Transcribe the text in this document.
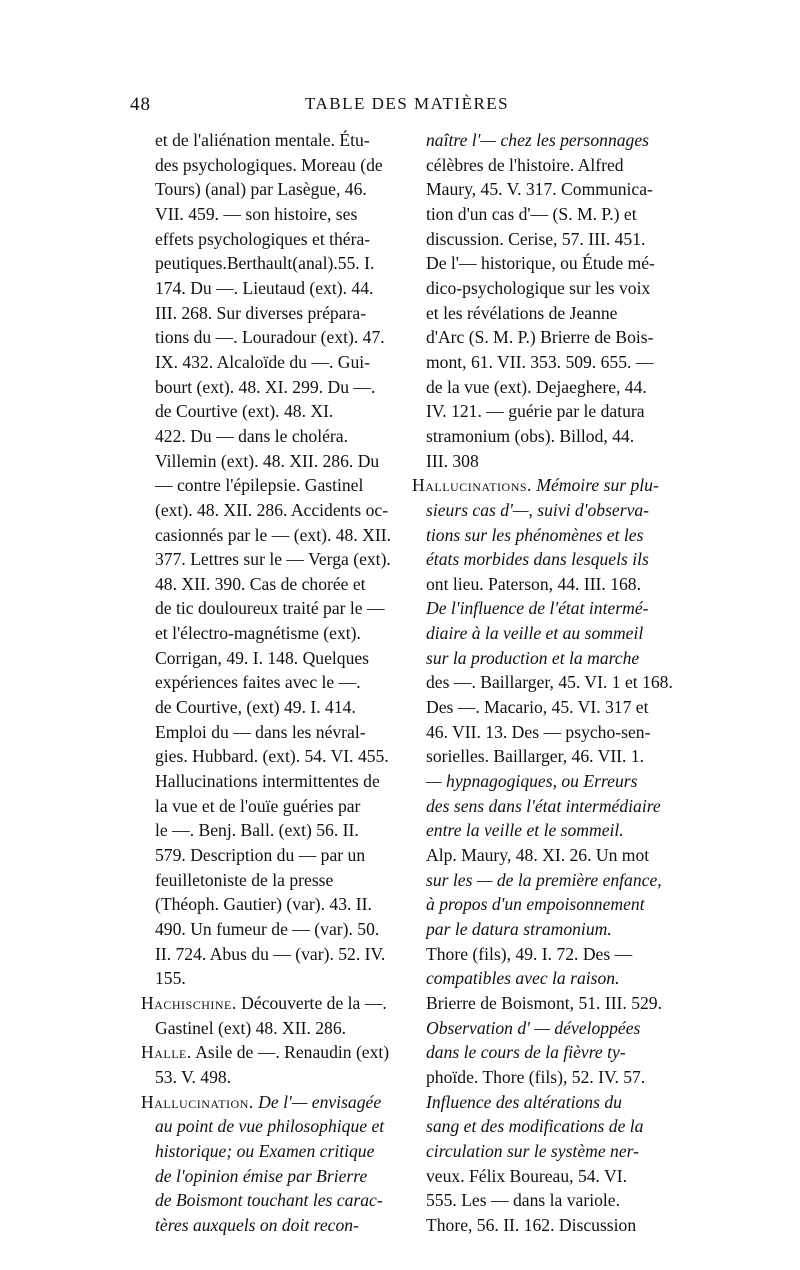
48	TABLE DES MATIÈRES
et de l'aliénation mentale. Étu-
des psychologiques. Moreau (de
Tours) (anal) par Lasègue, 46.
VII. 459. — son histoire, ses
effets psychologiques et théra-
peutiques.Berthault(anal).55. I.
174. Du —. Lieutaud (ext). 44.
III. 268. Sur diverses prépara-
tions du —. Louradour (ext). 47.
IX. 432. Alcaloïde du —. Gui-
bourt (ext). 48. XI. 299. Du —.
de Courtive (ext). 48. XI.
422. Du — dans le choléra.
Villemin (ext). 48. XII. 286. Du
— contre l'épilepsie. Gastinel
(ext). 48. XII. 286. Accidents oc-
casionnés par le — (ext). 48. XII.
377. Lettres sur le — Verga (ext).
48. XII. 390. Cas de chorée et
de tic douloureux traité par le —
et l'électro-magnétisme (ext).
Corrigan, 49. I. 148. Quelques
expériences faites avec le —.
de Courtive, (ext) 49. I. 414.
Emploi du — dans les névral-
gies. Hubbard. (ext). 54. VI. 455.
Hallucinations intermittentes de
la vue et de l'ouïe guéries par
le —. Benj. Ball. (ext) 56. II.
579. Description du — par un
feuilletoniste de la presse
(Théoph. Gautier) (var). 43. II.
490. Un fumeur de — (var). 50.
II. 724. Abus du — (var). 52. IV.
155.
Hachischine. Découverte de la —.
Gastinel (ext) 48. XII. 286.
Halle. Asile de —. Renaudin (ext)
53. V. 498.
Hallucination. De l'— envisagée
au point de vue philosophique et
historique; ou Examen critique
de l'opinion émise par Brierre
de Boismont touchant les carac-
tères auxquels on doit recon-
naître l'— chez les personnages
célèbres de l'histoire. Alfred
Maury, 45. V. 317. Communica-
tion d'un cas d'— (S. M. P.) et
discussion. Cerise, 57. III. 451.
De l'— historique, ou Étude mé-
dico-psychologique sur les voix
et les révélations de Jeanne
d'Arc (S. M. P.) Brierre de Bois-
mont, 61. VII. 353. 509. 655. —
de la vue (ext). Dejaeghere, 44.
IV. 121. — guérie par le datura
stramonium (obs). Billod, 44.
III. 308
Hallucinations. Mémoire sur plu-
sieurs cas d'—, suivi d'observa-
tions sur les phénomènes et les
états morbides dans lesquels ils
ont lieu. Paterson, 44. III. 168.
De l'influence de l'état intermé-
diaire à la veille et au sommeil
sur la production et la marche
des —. Baillarger, 45. VI. 1 et 168.
Des —. Macario, 45. VI. 317 et
46. VII. 13. Des — psycho-sen-
sorielles. Baillarger, 46. VII. 1.
— hypnagogiques, ou Erreurs
des sens dans l'état intermédiaire
entre la veille et le sommeil.
Alp. Maury, 48. XI. 26. Un mot
sur les — de la première enfance,
à propos d'un empoisonnement
par le datura stramonium.
Thore (fils), 49. I. 72. Des —
compatibles avec la raison.
Brierre de Boismont, 51. III. 529.
Observation d' — développées
dans le cours de la fièvre ty-
phoïde. Thore (fils), 52. IV. 57.
Influence des altérations du
sang et des modifications de la
circulation sur le système ner-
veux. Félix Boureau, 54. VI.
555. Les — dans la variole.
Thore, 56. II. 162. Discussion
